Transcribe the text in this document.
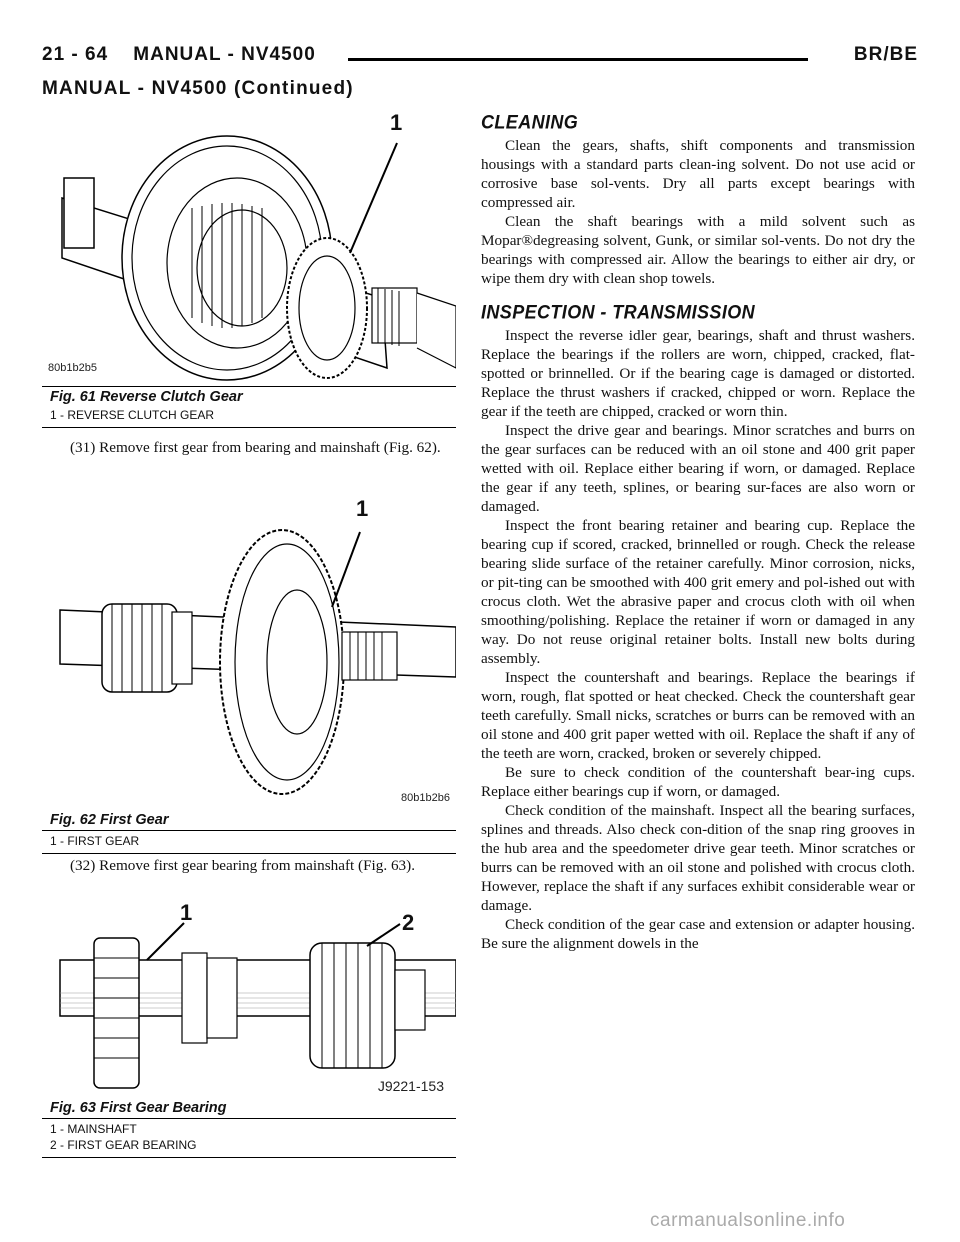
21 - 64 MANUAL - NV4500	BR/BE
MANUAL - NV4500 (Continued)
80b1b2b5
1
Fig. 61 Reverse Clutch Gear
1 - REVERSE CLUTCH GEAR

(31) Remove first gear from bearing and mainshaft (Fig. 62).

1
Fig. 62 First Gear
80b1b2b6
1 - FIRST GEAR

(32) Remove first gear bearing from mainshaft (Fig. 63).

1	2
J9221-153
Fig. 63 First Gear Bearing
1 - MAINSHAFT
2 - FIRST GEAR BEARING
CLEANING

Clean the gears, shafts, shift components and transmission housings with a standard parts clean-ing solvent. Do not use acid or corrosive base sol-vents. Dry all parts except bearings with compressed air.

Clean the shaft bearings with a mild solvent such as Mopar®degreasing solvent, Gunk, or similar sol-vents. Do not dry the bearings with compressed air. Allow the bearings to either air dry, or wipe them dry with clean shop towels.

INSPECTION - TRANSMISSION

Inspect the reverse idler gear, bearings, shaft and thrust washers. Replace the bearings if the rollers are worn, chipped, cracked, flat-spotted or brinnelled. Or if the bearing cage is damaged or distorted. Replace the thrust washers if cracked, chipped or worn. Replace the gear if the teeth are chipped, cracked or worn thin.

Inspect the drive gear and bearings. Minor scratches and burrs on the gear surfaces can be reduced with an oil stone and 400 grit paper wetted with oil. Replace either bearing if worn, or damaged. Replace the gear if any teeth, splines, or bearing sur-faces are also worn or damaged.

Inspect the front bearing retainer and bearing cup. Replace the bearing cup if scored, cracked, brinnelled or rough. Check the release bearing slide surface of the retainer carefully. Minor corrosion, nicks, or pit-ting can be smoothed with 400 grit emery and pol-ished out with crocus cloth. Wet the abrasive paper and crocus cloth with oil when smoothing/polishing. Replace the retainer if worn or damaged in any way. Do not reuse original retainer bolts. Install new bolts during assembly.

Inspect the countershaft and bearings. Replace the bearings if worn, rough, flat spotted or heat checked. Check the countershaft gear teeth carefully. Small nicks, scratches or burrs can be removed with an oil stone and 400 grit paper wetted with oil. Replace the shaft if any of the teeth are worn, cracked, broken or severely chipped.

Be sure to check condition of the countershaft bear-ing cups. Replace either bearings cup if worn, or damaged.

Check condition of the mainshaft. Inspect all the bearing surfaces, splines and threads. Also check con-dition of the snap ring grooves in the hub area and the speedometer drive gear teeth. Minor scratches or burrs can be removed with an oil stone and polished with crocus cloth. However, replace the shaft if any surfaces exhibit considerable wear or damage.

Check condition of the gear case and extension or adapter housing. Be sure the alignment dowels in the

carmanualsonline.info
